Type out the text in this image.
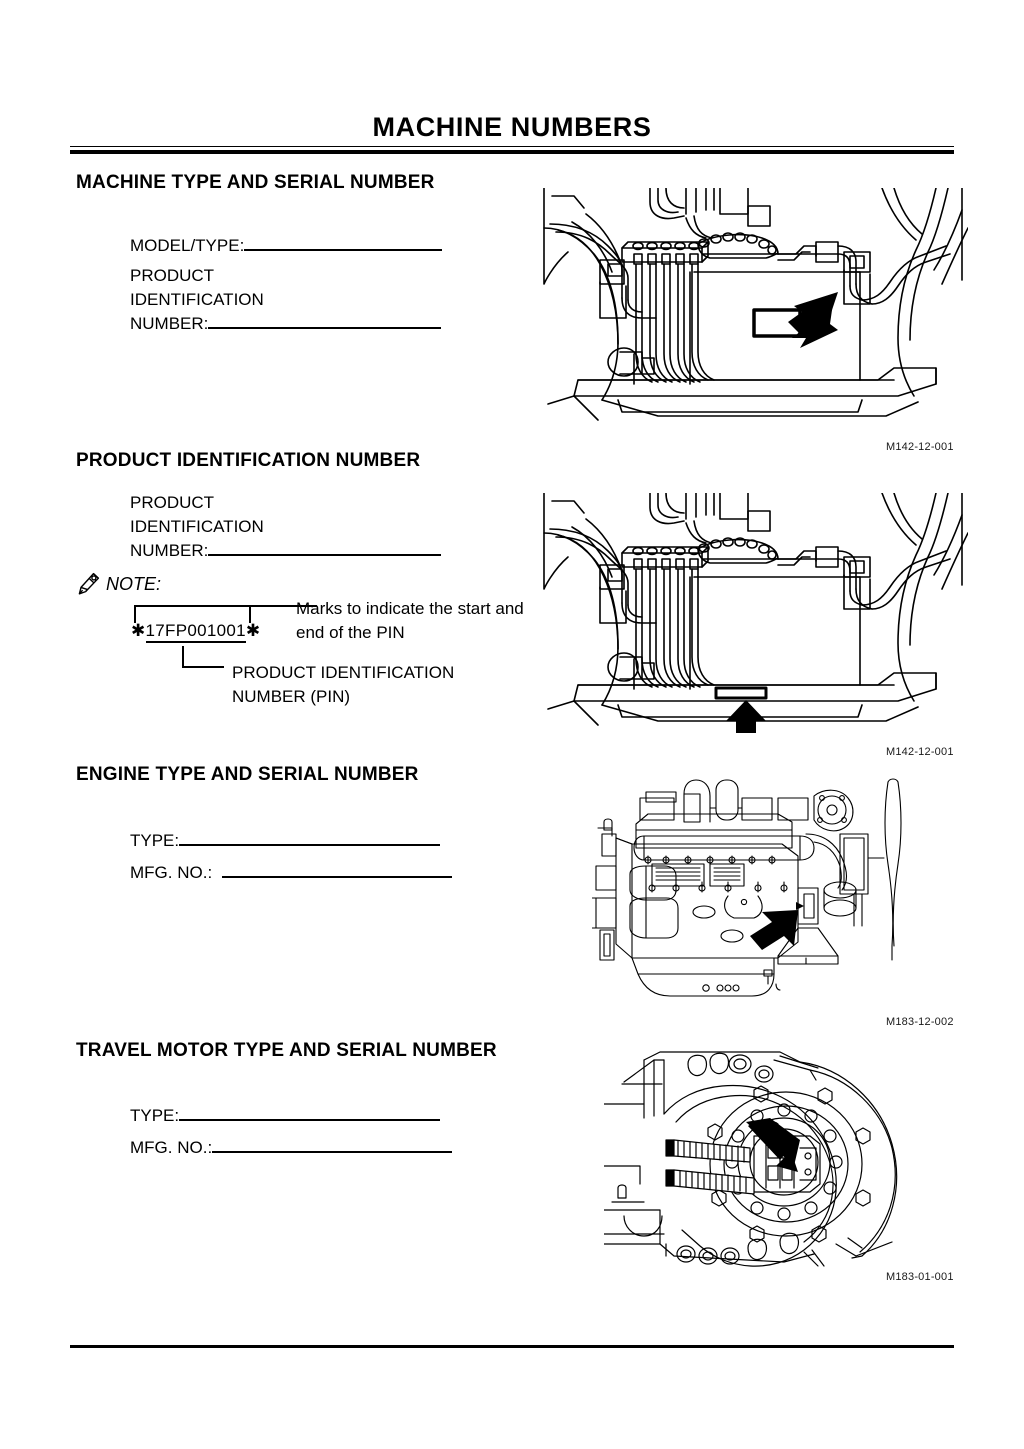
MACHINE NUMBERS
MACHINE TYPE AND SERIAL NUMBER
MODEL/TYPE:
PRODUCT
IDENTIFICATION
NUMBER:
M142-12-001
PRODUCT IDENTIFICATION NUMBER
PRODUCT
IDENTIFICATION
NUMBER:
NOTE:
✱17FP001001✱
Marks to indicate the start and
end of the PIN
PRODUCT IDENTIFICATION
NUMBER (PIN)
M142-12-001
ENGINE TYPE AND SERIAL NUMBER
TYPE:
MFG. NO.:
M183-12-002
TRAVEL MOTOR TYPE AND SERIAL NUMBER
TYPE:
MFG. NO.:
M183-01-001
